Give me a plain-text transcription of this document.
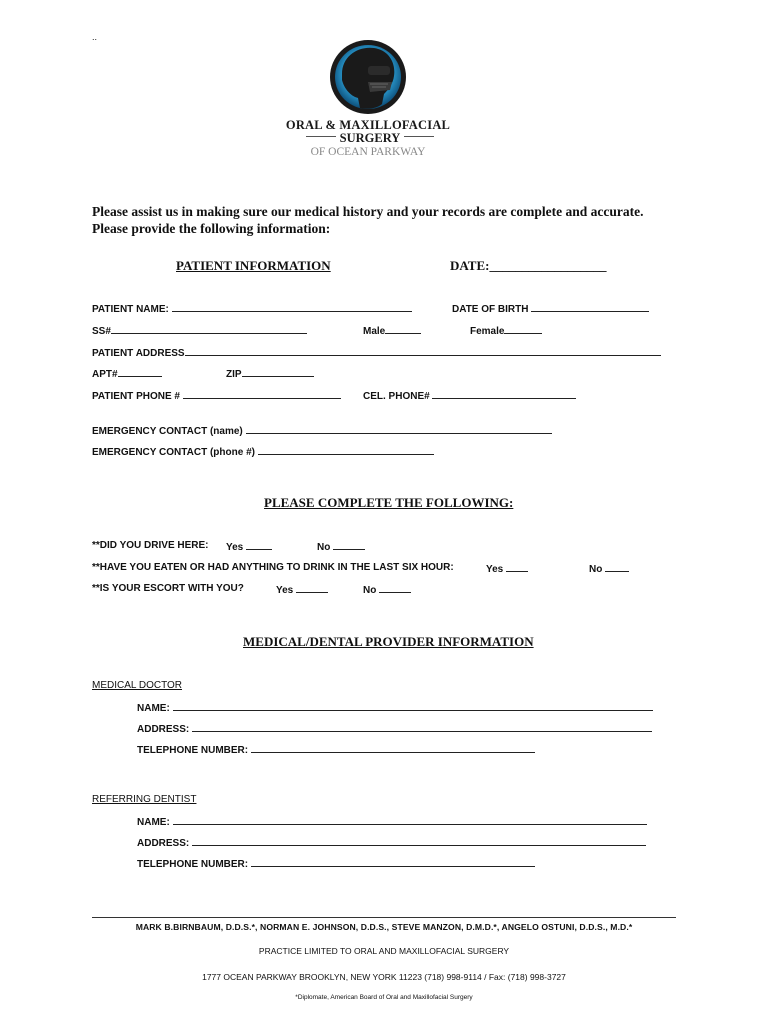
..
ORAL & MAXILLOFACIAL
SURGERY
OF OCEAN PARKWAY
Please assist us in making sure our medical history and your records are complete and accurate.
Please provide the following information:
PATIENT INFORMATION	DATE:__________________
PATIENT NAME:	DATE OF BIRTH
SS#	Male	Female
PATIENT ADDRESS
APT#	ZIP
PATIENT PHONE #	CEL. PHONE#
EMERGENCY CONTACT (name)
EMERGENCY CONTACT (phone #)
PLEASE COMPLETE THE FOLLOWING:
**DID YOU DRIVE HERE: Yes	No
**HAVE YOU EATEN OR HAD ANYTHING TO DRINK IN THE LAST SIX HOUR:	Yes	No
**IS YOUR ESCORT WITH YOU?	Yes	No
MEDICAL/DENTAL PROVIDER INFORMATION
MEDICAL DOCTOR
NAME:
ADDRESS:
TELEPHONE NUMBER:
REFERRING DENTIST
NAME:
ADDRESS:
TELEPHONE NUMBER:
MARK B.BIRNBAUM, D.D.S.*, NORMAN E. JOHNSON, D.D.S., STEVE MANZON, D.M.D.*, ANGELO OSTUNI, D.D.S., M.D.*
PRACTICE LIMITED TO ORAL AND MAXILLOFACIAL SURGERY
1777 OCEAN PARKWAY BROOKLYN, NEW YORK 11223 (718) 998-9114 / Fax: (718) 998-3727
*Diplomate, American Board of Oral and Maxillofacial Surgery
